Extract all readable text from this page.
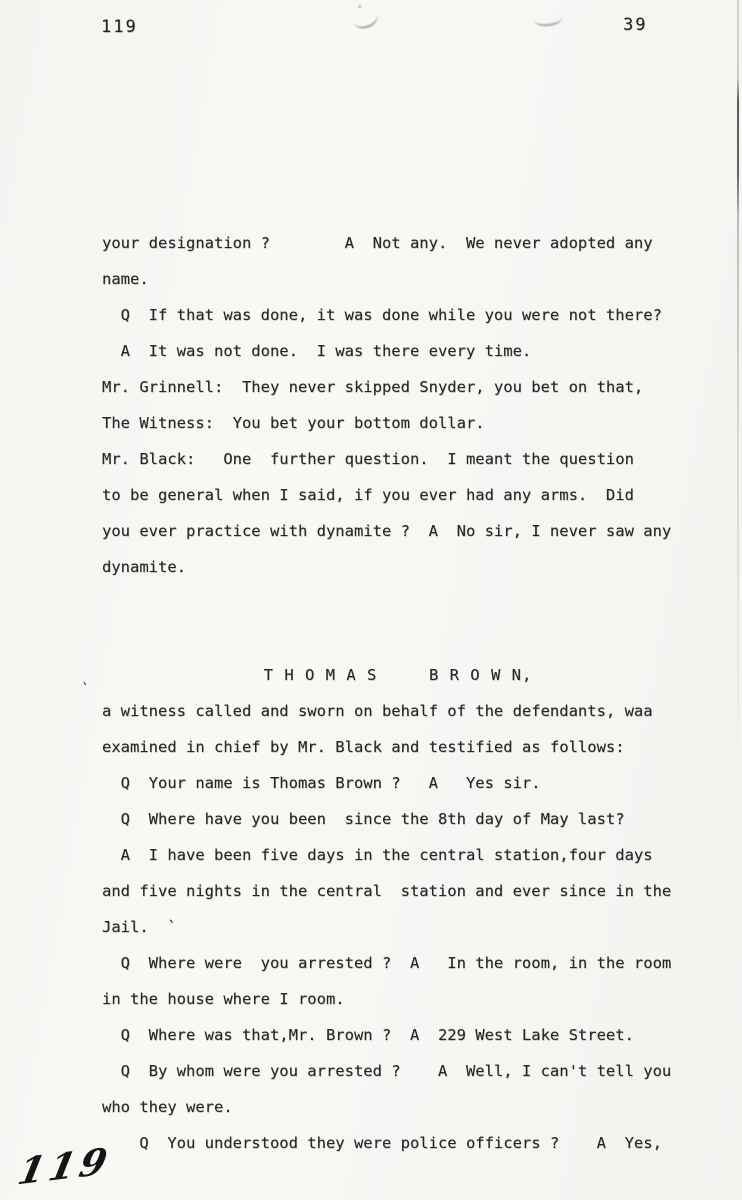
119	39
`
your designation ?        A  Not any.  We never adopted any
name.
Q  If that was done, it was done while you were not there?
A  It was not done.  I was there every time.
Mr. Grinnell:  They never skipped Snyder, you bet on that,
The Witness:  You bet your bottom dollar.
Mr. Black:   One  further question.  I meant the question
to be general when I said, if you ever had any arms.  Did
you ever practice with dynamite ?  A  No sir, I never saw any
dynamite.
T H O M A S     B R O W N,
a witness called and sworn on behalf of the defendants, waa
examined in chief by Mr. Black and testified as follows:
Q  Your name is Thomas Brown ?   A   Yes sir.
Q  Where have you been  since the 8th day of May last?
A  I have been five days in the central station,four days
and five nights in the central  station and ever since in the
Jail.  `
Q  Where were  you arrested ?  A   In the room, in the room
in the house where I room.
Q  Where was that,Mr. Brown ?  A  229 West Lake Street.
Q  By whom were you arrested ?    A  Well, I can't tell you
who they were.
Q  You understood they were police officers ?    A  Yes,
119
